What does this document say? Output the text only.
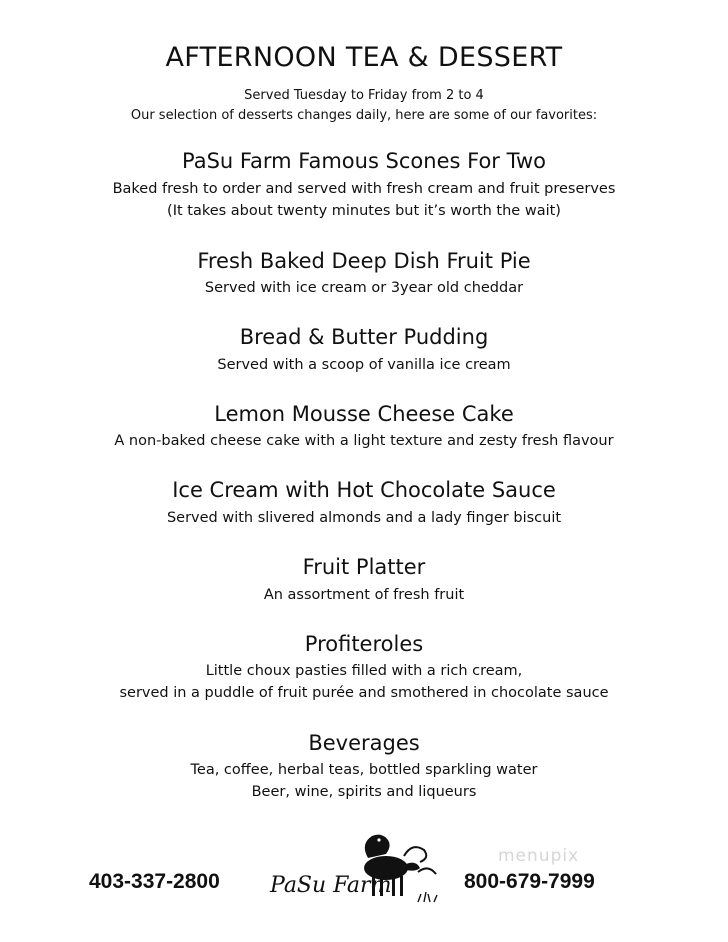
AFTERNOON TEA & DESSERT
Served Tuesday to Friday from 2 to 4
Our selection of desserts changes daily, here are some of our favorites:
PaSu Farm Famous Scones For Two
Baked fresh to order and served with fresh cream and fruit preserves
(It takes about twenty minutes but it’s worth the wait)
Fresh Baked Deep Dish Fruit Pie
Served with ice cream or 3year old cheddar
Bread & Butter Pudding
Served with a scoop of vanilla ice cream
Lemon Mousse Cheese Cake
A non-baked cheese cake with a light texture and zesty fresh flavour
Ice Cream with Hot Chocolate Sauce
Served with slivered almonds and a lady finger biscuit
Fruit Platter
An assortment of fresh fruit
Profiteroles
Little choux pasties filled with a rich cream,
served in a puddle of fruit purée and smothered in chocolate sauce
Beverages
Tea, coffee, herbal teas, bottled sparkling water
Beer, wine, spirits and liqueurs
403-337-2800	800-679-7999
menupix
PaSu Farm
